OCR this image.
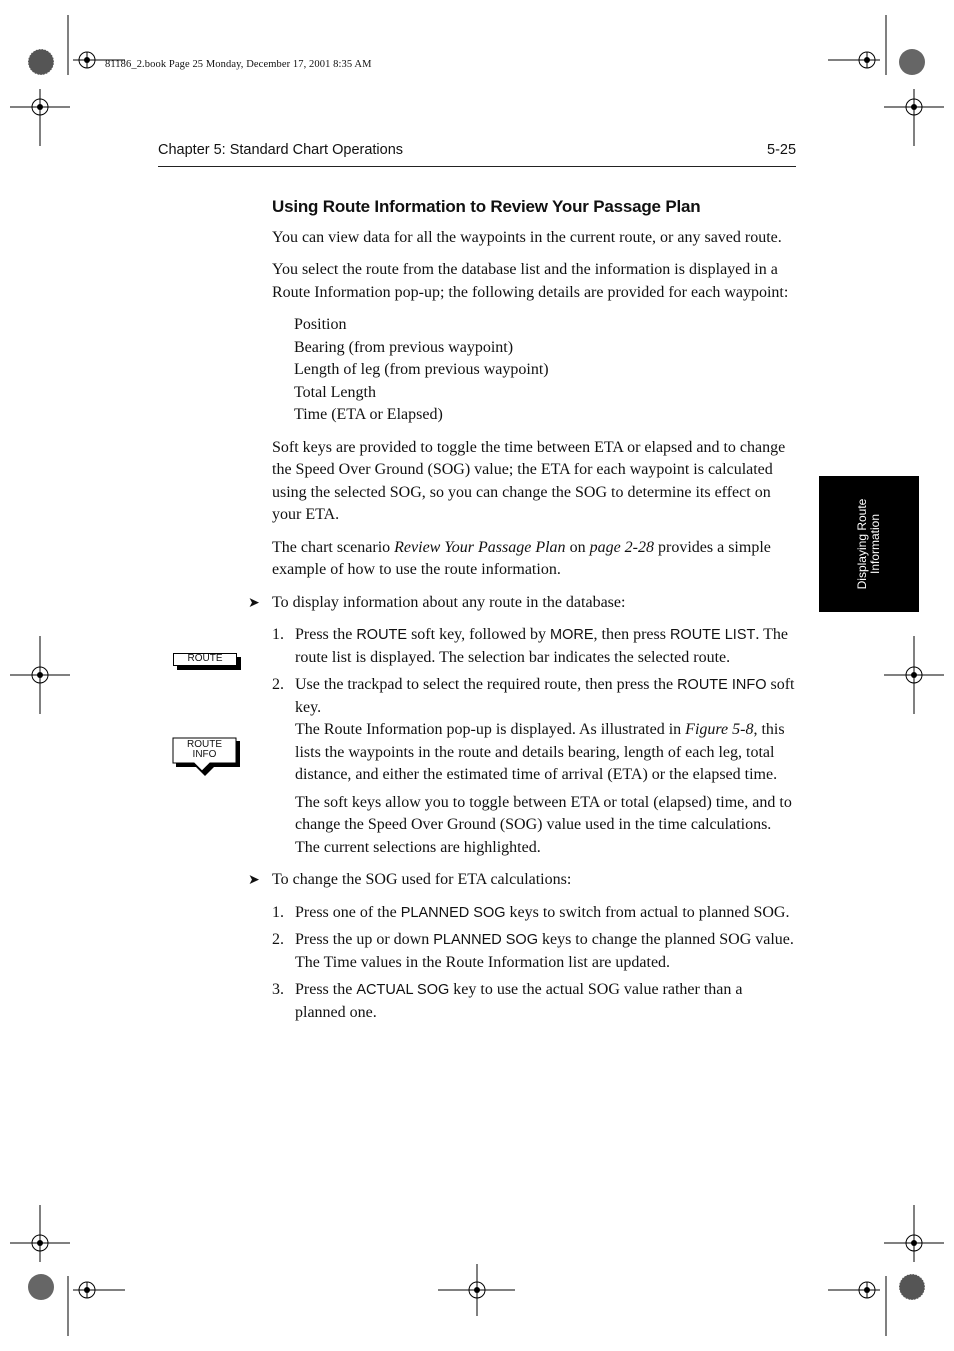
81186_2.book Page 25 Monday, December 17, 2001 8:35 AM
Chapter 5: Standard Chart Operations	5-25
Displaying Route Information
ROUTE
ROUTE
INFO
Using Route Information to Review Your Passage Plan

You can view data for all the waypoints in the current route, or any saved route.

You select the route from the database list and the information is displayed in a Route Information pop-up; the following details are provided for each waypoint:

Position
Bearing (from previous waypoint)
Length of leg (from previous waypoint)
Total Length
Time (ETA or Elapsed)

Soft keys are provided to toggle the time between ETA or elapsed and to change the Speed Over Ground (SOG) value; the ETA for each waypoint is calculated using the selected SOG, so you can change the SOG to determine its effect on your ETA.

The chart scenario Review Your Passage Plan on page 2-28 provides a simple example of how to use the route information.

➤ To display information about any route in the database:
1. Press the ROUTE soft key, followed by MORE, then press ROUTE LIST. The route list is displayed. The selection bar indicates the selected route.
2. Use the trackpad to select the required route, then press the ROUTE INFO soft key.
The Route Information pop-up is displayed. As illustrated in Figure 5-8, this lists the waypoints in the route and details bearing, length of each leg, total distance, and either the estimated time of arrival (ETA) or the elapsed time.
The soft keys allow you to toggle between ETA or total (elapsed) time, and to change the Speed Over Ground (SOG) value used in the time calculations. The current selections are highlighted.
➤ To change the SOG used for ETA calculations:
1. Press one of the PLANNED SOG keys to switch from actual to planned SOG.
2. Press the up or down PLANNED SOG keys to change the planned SOG value. The Time values in the Route Information list are updated.
3. Press the ACTUAL SOG key to use the actual SOG value rather than a planned one.
